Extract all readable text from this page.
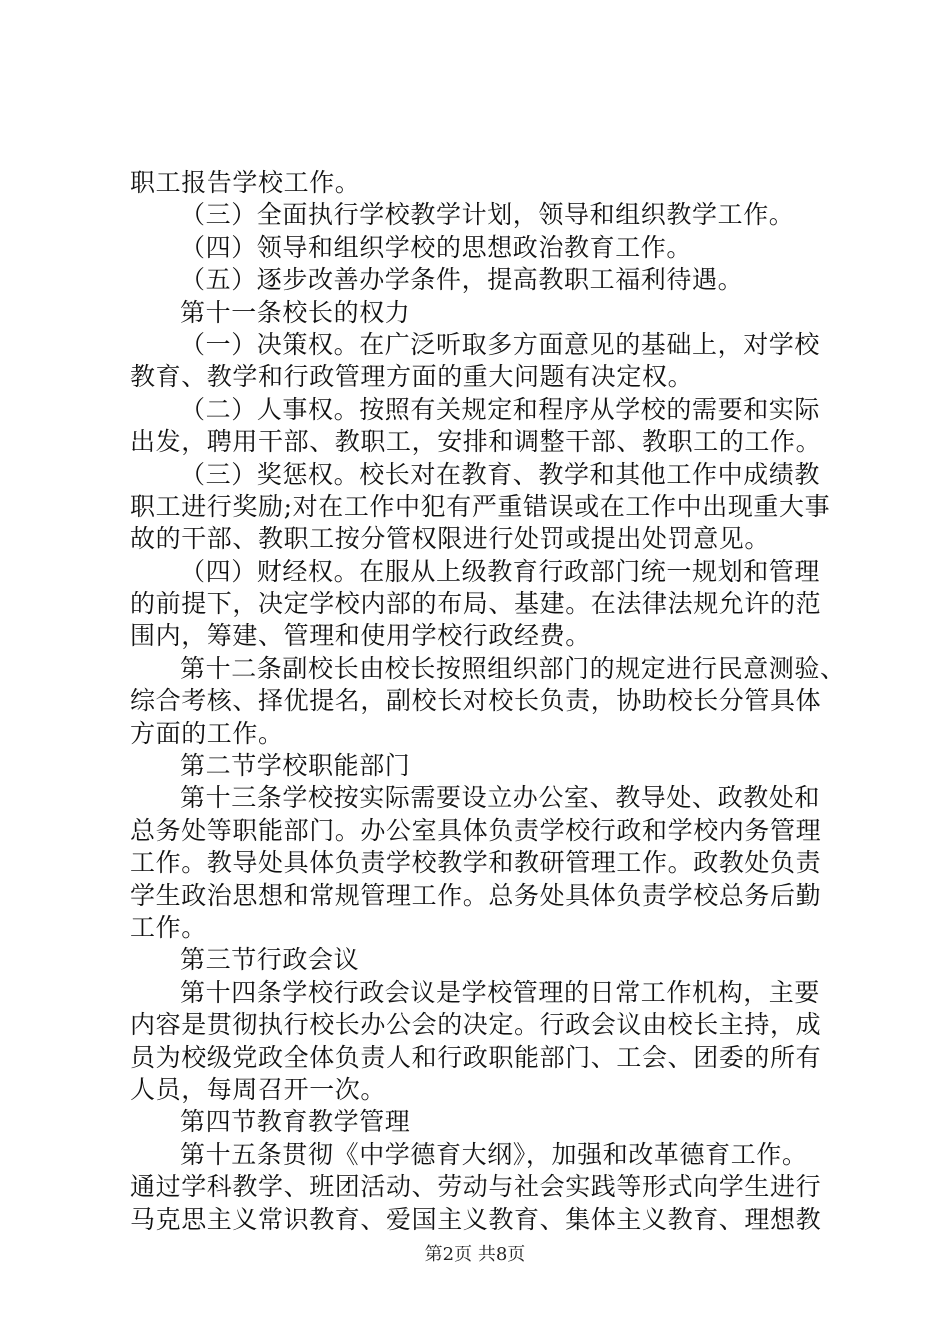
职工报告学校工作。
（三）全面执行学校教学计划，领导和组织教学工作。
（四）领导和组织学校的思想政治教育工作。
（五）逐步改善办学条件，提高教职工福利待遇。
第十一条校长的权力
（一）决策权。在广泛听取多方面意见的基础上，对学校
教育、教学和行政管理方面的重大问题有决定权。
（二）人事权。按照有关规定和程序从学校的需要和实际
出发，聘用干部、教职工，安排和调整干部、教职工的工作。
（三）奖惩权。校长对在教育、教学和其他工作中成绩教
职工进行奖励;对在工作中犯有严重错误或在工作中出现重大事
故的干部、教职工按分管权限进行处罚或提出处罚意见。
（四）财经权。在服从上级教育行政部门统一规划和管理
的前提下，决定学校内部的布局、基建。在法律法规允许的范
围内，筹建、管理和使用学校行政经费。
第十二条副校长由校长按照组织部门的规定进行民意测验、
综合考核、择优提名，副校长对校长负责，协助校长分管具体
方面的工作。
第二节学校职能部门
第十三条学校按实际需要设立办公室、教导处、政教处和
总务处等职能部门。办公室具体负责学校行政和学校内务管理
工作。教导处具体负责学校教学和教研管理工作。政教处负责
学生政治思想和常规管理工作。总务处具体负责学校总务后勤
工作。
第三节行政会议
第十四条学校行政会议是学校管理的日常工作机构，主要
内容是贯彻执行校长办公会的决定。行政会议由校长主持，成
员为校级党政全体负责人和行政职能部门、工会、团委的所有
人员，每周召开一次。
第四节教育教学管理
第十五条贯彻《中学德育大纲》，加强和改革德育工作。
通过学科教学、班团活动、劳动与社会实践等形式向学生进行
马克思主义常识教育、爱国主义教育、集体主义教育、理想教
第2页 共8页
